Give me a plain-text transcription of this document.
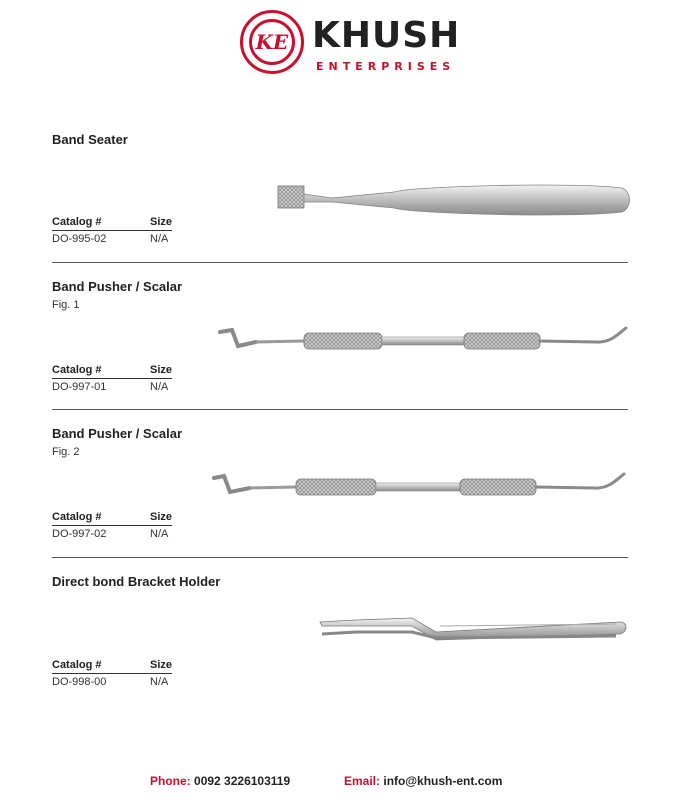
KE KHUSH
ENTERPRISES
Band Seater
Catalog #	Size
DO-995-02	N/A
Band Pusher / Scalar
Fig. 1
Catalog #	Size
DO-997-01	N/A
Band Pusher / Scalar
Fig. 2
Catalog #	Size
DO-997-02	N/A
Direct bond Bracket Holder
Catalog #	Size
DO-998-00	N/A
Phone: 0092 3226103119	Email: info@khush-ent.com
